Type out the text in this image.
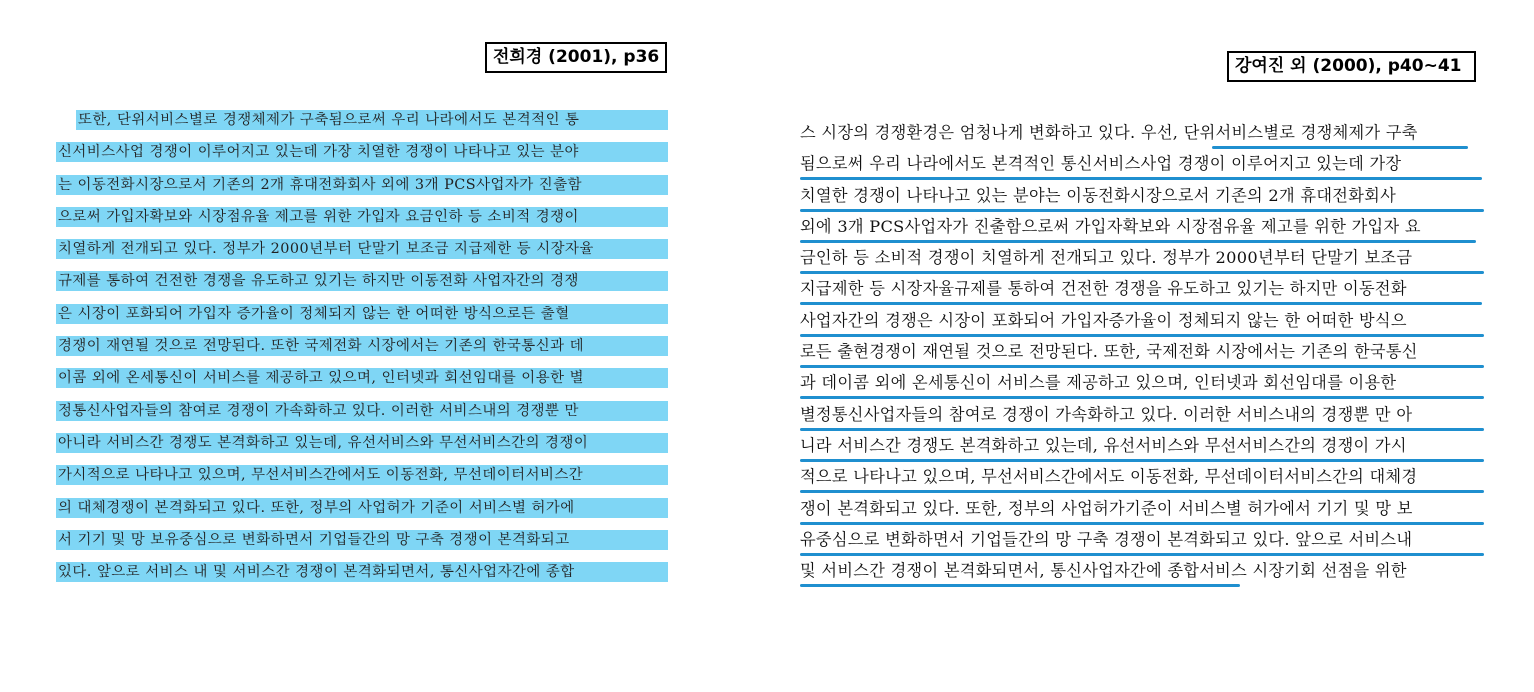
전희경 (2001), p36	강여진 외 (2000), p40~41
또한, 단위서비스별로 경쟁체제가 구축됨으로써 우리 나라에서도 본격적인 통
신서비스사업 경쟁이 이루어지고 있는데 가장 치열한 경쟁이 나타나고 있는 분야
는 이동전화시장으로서 기존의 2개 휴대전화회사 외에 3개 PCS사업자가 진출함
으로써 가입자확보와 시장점유율 제고를 위한 가입자 요금인하 등 소비적 경쟁이
치열하게 전개되고 있다. 정부가 2000년부터 단말기 보조금 지급제한 등 시장자율
규제를 통하여 건전한 경쟁을 유도하고 있기는 하지만 이동전화 사업자간의 경쟁
은 시장이 포화되어 가입자 증가율이 정체되지 않는 한 어떠한 방식으로든 출혈
경쟁이 재연될 것으로 전망된다. 또한 국제전화 시장에서는 기존의 한국통신과 데
이콤 외에 온세통신이 서비스를 제공하고 있으며, 인터넷과 회선임대를 이용한 별
정통신사업자들의 참여로 경쟁이 가속화하고 있다. 이러한 서비스내의 경쟁뿐 만
아니라 서비스간 경쟁도 본격화하고 있는데, 유선서비스와 무선서비스간의 경쟁이
가시적으로 나타나고 있으며, 무선서비스간에서도 이동전화, 무선데이터서비스간
의 대체경쟁이 본격화되고 있다. 또한, 정부의 사업허가 기준이 서비스별 허가에
서 기기 및 망 보유중심으로 변화하면서 기업들간의 망 구축 경쟁이 본격화되고
있다. 앞으로 서비스 내 및 서비스간 경쟁이 본격화되면서, 통신사업자간에 종합
스 시장의 경쟁환경은 엄청나게 변화하고 있다. 우선, 단위서비스별로 경쟁체제가 구축
됨으로써 우리 나라에서도 본격적인 통신서비스사업 경쟁이 이루어지고 있는데 가장
치열한 경쟁이 나타나고 있는 분야는 이동전화시장으로서 기존의 2개 휴대전화회사
외에 3개 PCS사업자가 진출함으로써 가입자확보와 시장점유율 제고를 위한 가입자 요
금인하 등 소비적 경쟁이 치열하게 전개되고 있다. 정부가 2000년부터 단말기 보조금
지급제한 등 시장자율규제를 통하여 건전한 경쟁을 유도하고 있기는 하지만 이동전화
사업자간의 경쟁은 시장이 포화되어 가입자증가율이 정체되지 않는 한 어떠한 방식으
로든 출현경쟁이 재연될 것으로 전망된다. 또한, 국제전화 시장에서는 기존의 한국통신
과 데이콤 외에 온세통신이 서비스를 제공하고 있으며, 인터넷과 회선임대를 이용한
별정통신사업자들의 참여로 경쟁이 가속화하고 있다. 이러한 서비스내의 경쟁뿐 만 아
니라 서비스간 경쟁도 본격화하고 있는데, 유선서비스와 무선서비스간의 경쟁이 가시
적으로 나타나고 있으며, 무선서비스간에서도 이동전화, 무선데이터서비스간의 대체경
쟁이 본격화되고 있다. 또한, 정부의 사업허가기준이 서비스별 허가에서 기기 및 망 보
유중심으로 변화하면서 기업들간의 망 구축 경쟁이 본격화되고 있다. 앞으로 서비스내
및 서비스간 경쟁이 본격화되면서, 통신사업자간에 종합서비스 시장기회 선점을 위한
